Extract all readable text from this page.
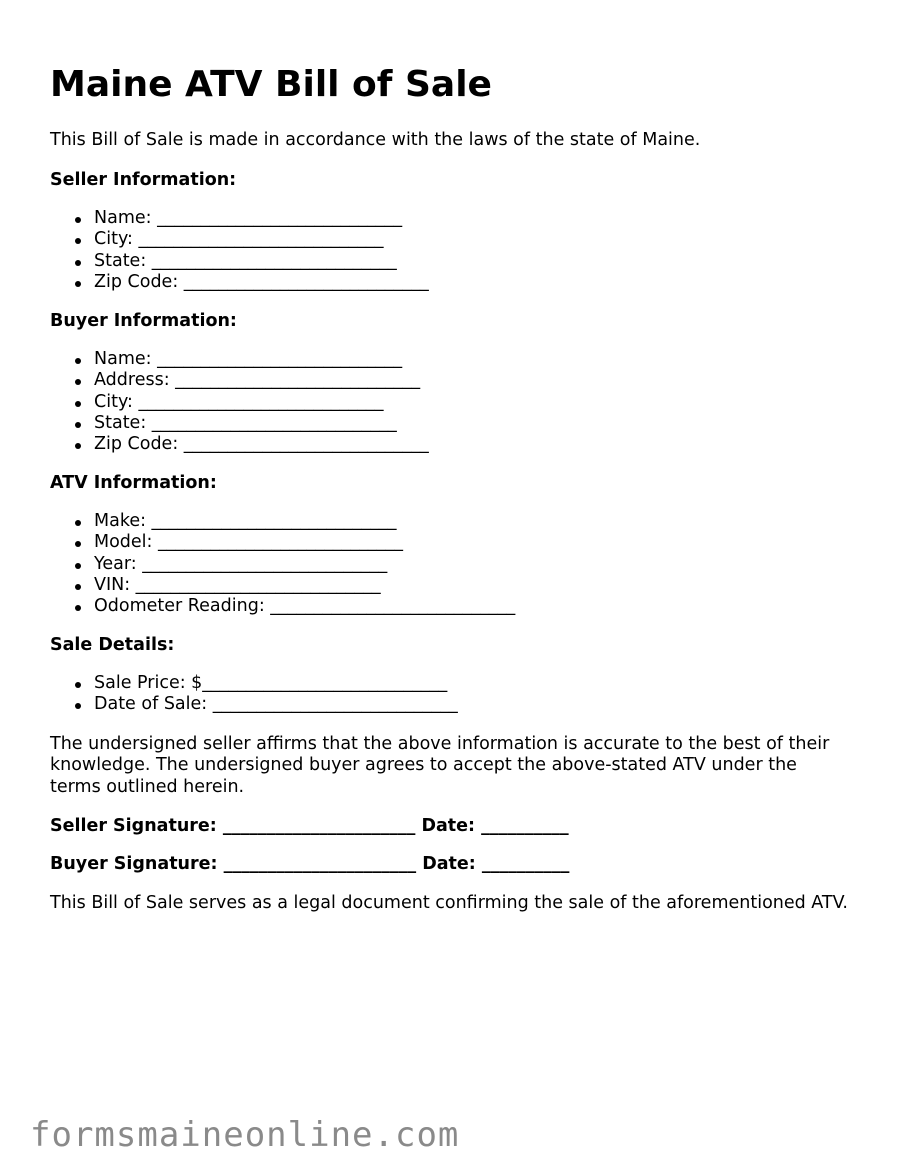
Maine ATV Bill of Sale

This Bill of Sale is made in accordance with the laws of the state of Maine.

Seller Information:

Name: ____________________________
City: ____________________________
State: ____________________________
Zip Code: ____________________________

Buyer Information:

Name: ____________________________
Address: ____________________________
City: ____________________________
State: ____________________________
Zip Code: ____________________________

ATV Information:

Make: ____________________________
Model: ____________________________
Year: ____________________________
VIN: ____________________________
Odometer Reading: ____________________________

Sale Details:

Sale Price: $____________________________
Date of Sale: ____________________________

The undersigned seller affirms that the above information is accurate to the best of their knowledge. The undersigned buyer agrees to accept the above-stated ATV under the terms outlined herein.

Seller Signature: ______________________ Date: __________

Buyer Signature: ______________________ Date: __________

This Bill of Sale serves as a legal document confirming the sale of the aforementioned ATV.

formsmaineonline.com
